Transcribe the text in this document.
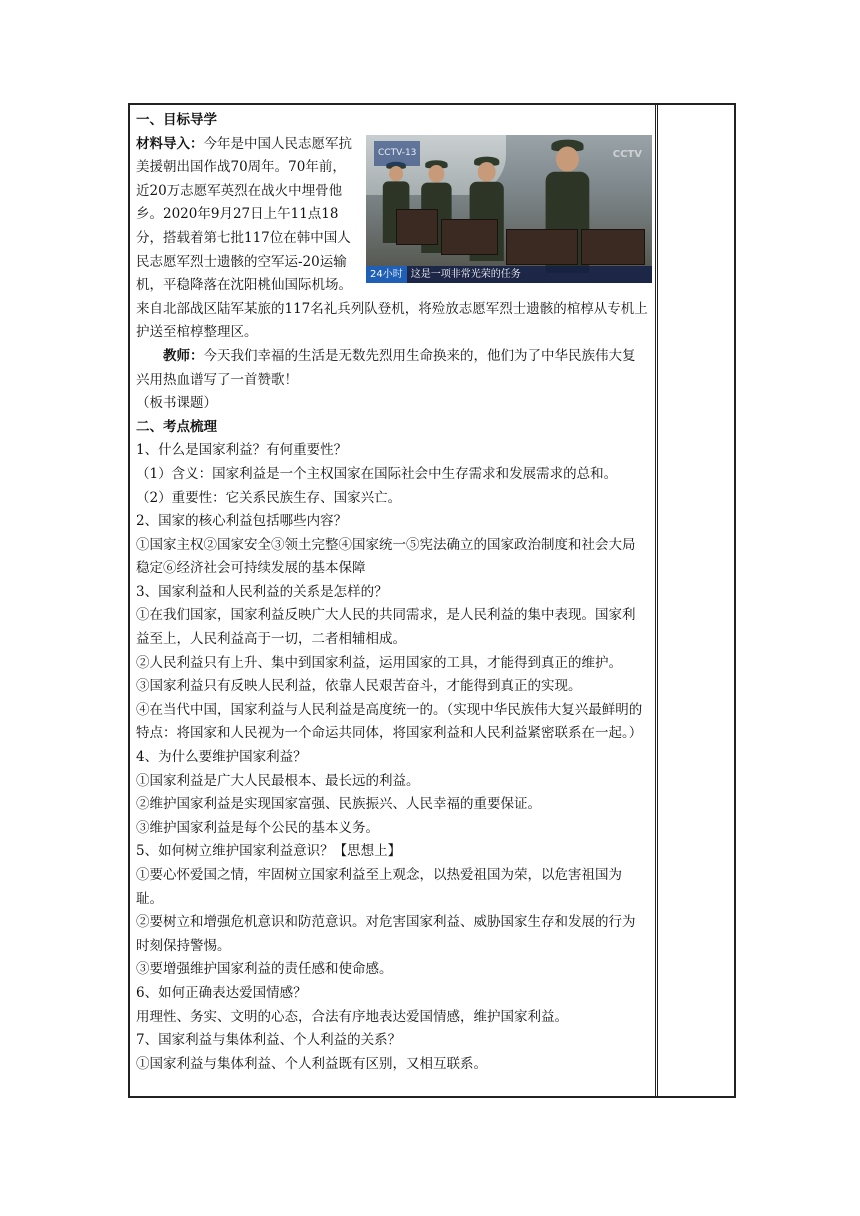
一、目标导学

CCTV-13	CCTV
24小时 这是一项非常光荣的任务

材料导入：今年是中国人民志愿军抗美援朝出国作战70周年。70年前，近20万志愿军英烈在战火中埋骨他乡。2020年9月27日上午11点18分，搭载着第七批117位在韩中国人民志愿军烈士遗骸的空军运-20运输机，平稳降落在沈阳桃仙国际机场。来自北部战区陆军某旅的117名礼兵列队登机，将殓放志愿军烈士遗骸的棺椁从专机上护送至棺椁整理区。

教师：今天我们幸福的生活是无数先烈用生命换来的，他们为了中华民族伟大复兴用热血谱写了一首赞歌！

（板书课题）

二、考点梳理

1、什么是国家利益？有何重要性？

（1）含义：国家利益是一个主权国家在国际社会中生存需求和发展需求的总和。

（2）重要性：它关系民族生存、国家兴亡。

2、国家的核心利益包括哪些内容？

①国家主权②国家安全③领土完整④国家统一⑤宪法确立的国家政治制度和社会大局稳定⑥经济社会可持续发展的基本保障

3、国家利益和人民利益的关系是怎样的？

①在我们国家，国家利益反映广大人民的共同需求，是人民利益的集中表现。国家利益至上，人民利益高于一切，二者相辅相成。

②人民利益只有上升、集中到国家利益，运用国家的工具，才能得到真正的维护。

③国家利益只有反映人民利益，依靠人民艰苦奋斗，才能得到真正的实现。

④在当代中国，国家利益与人民利益是高度统一的。（实现中华民族伟大复兴最鲜明的特点：将国家和人民视为一个命运共同体，将国家利益和人民利益紧密联系在一起。）

4、为什么要维护国家利益？

①国家利益是广大人民最根本、最长远的利益。

②维护国家利益是实现国家富强、民族振兴、人民幸福的重要保证。

③维护国家利益是每个公民的基本义务。

5、如何树立维护国家利益意识？【思想上】

①要心怀爱国之情，牢固树立国家利益至上观念，以热爱祖国为荣，以危害祖国为耻。

②要树立和增强危机意识和防范意识。对危害国家利益、威胁国家生存和发展的行为时刻保持警惕。

③要增强维护国家利益的责任感和使命感。

6、如何正确表达爱国情感？

用理性、务实、文明的心态，合法有序地表达爱国情感，维护国家利益。

7、国家利益与集体利益、个人利益的关系？

①国家利益与集体利益、个人利益既有区别，又相互联系。
